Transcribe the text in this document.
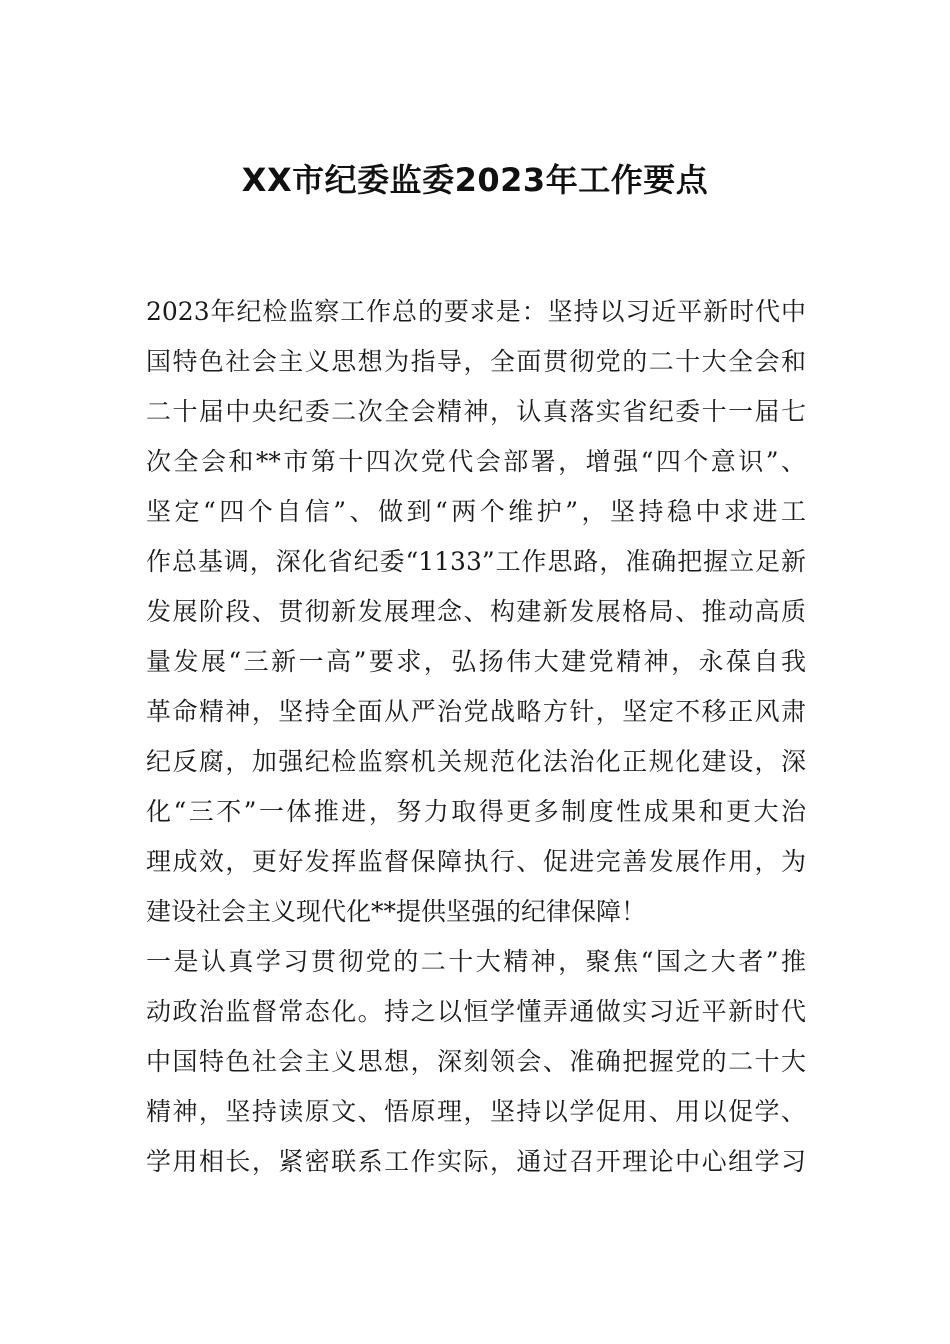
XX市纪委监委2023年工作要点
2023年纪检监察工作总的要求是：坚持以习近平新时代中
国特色社会主义思想为指导，全面贯彻党的二十大全会和
二十届中央纪委二次全会精神，认真落实省纪委十一届七
次全会和**市第十四次党代会部署，增强“四个意识”、
坚定“四个自信”、做到“两个维护”，坚持稳中求进工
作总基调，深化省纪委“1133”工作思路，准确把握立足新
发展阶段、贯彻新发展理念、构建新发展格局、推动高质
量发展“三新一高”要求，弘扬伟大建党精神，永葆自我
革命精神，坚持全面从严治党战略方针，坚定不移正风肃
纪反腐，加强纪检监察机关规范化法治化正规化建设，深
化“三不”一体推进，努力取得更多制度性成果和更大治
理成效，更好发挥监督保障执行、促进完善发展作用，为
建设社会主义现代化**提供坚强的纪律保障！
一是认真学习贯彻党的二十大精神，聚焦“国之大者”推
动政治监督常态化。持之以恒学懂弄通做实习近平新时代
中国特色社会主义思想，深刻领会、准确把握党的二十大
精神，坚持读原文、悟原理，坚持以学促用、用以促学、
学用相长，紧密联系工作实际，通过召开理论中心组学习
